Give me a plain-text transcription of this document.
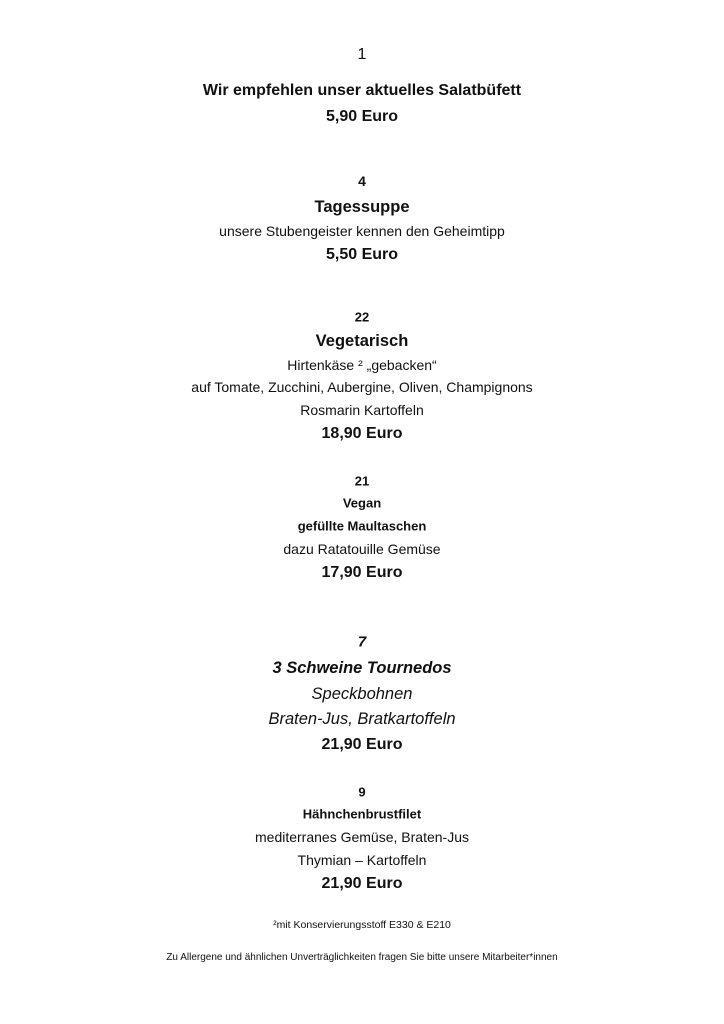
1
Wir empfehlen unser aktuelles Salatbüfett
5,90 Euro
4
Tagessuppe
unsere Stubengeister kennen den Geheimtipp
5,50 Euro
22
Vegetarisch
Hirtenkäse ² „gebacken“
auf Tomate, Zucchini, Aubergine, Oliven, Champignons
Rosmarin Kartoffeln
18,90 Euro
21
Vegan
gefüllte Maultaschen
dazu Ratatouille Gemüse
17,90 Euro
7
3 Schweine Tournedos
Speckbohnen
Braten-Jus, Bratkartoffeln
21,90 Euro
9
Hähnchenbrustfilet
mediterranes Gemüse, Braten-Jus
Thymian – Kartoffeln
21,90 Euro
²mit Konservierungsstoff E330 & E210
Zu Allergene und ähnlichen Unverträglichkeiten fragen Sie bitte unsere Mitarbeiter*innen
